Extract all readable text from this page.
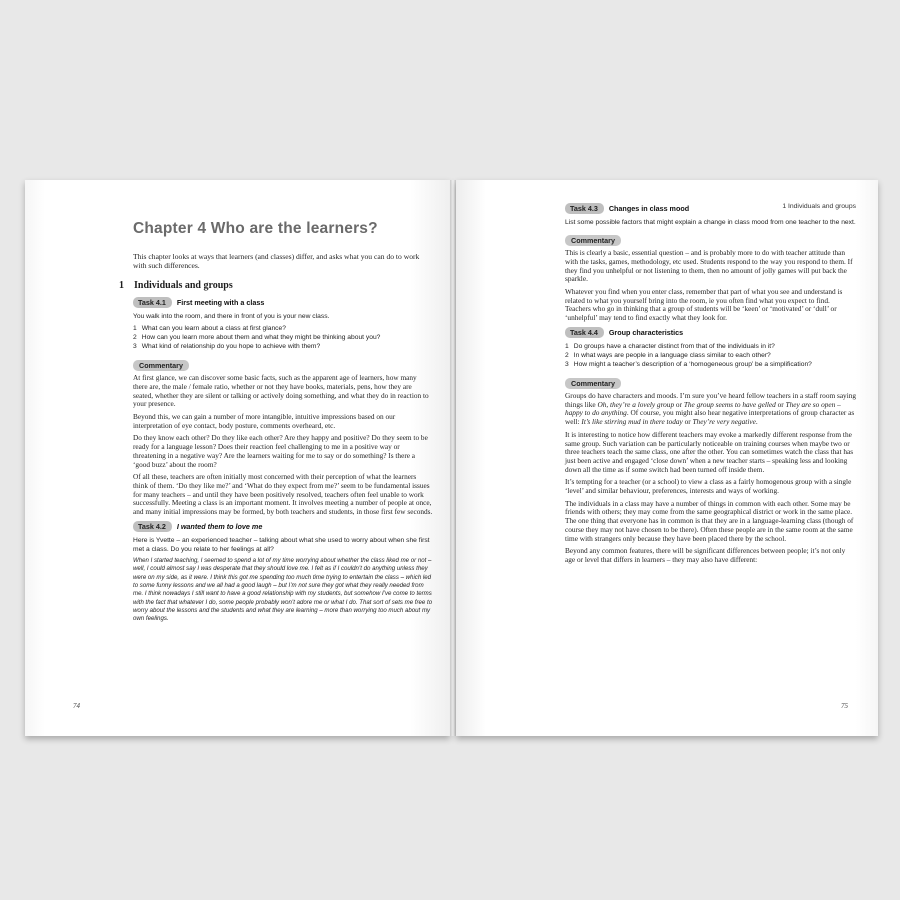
Chapter 4 Who are the learners?

This chapter looks at ways that learners (and classes) differ, and asks what you can do to work with such differences.

1 Individuals and groups
Task 4.1	First meeting with a class

You walk into the room, and there in front of you is your new class.

1 What can you learn about a class at first glance?
2 How can you learn more about them and what they might be thinking about you?
3 What kind of relationship do you hope to achieve with them?
Commentary

At first glance, we can discover some basic facts, such as the apparent age of learners, how many there are, the male / female ratio, whether or not they have books, materials, pens, how they are seated, whether they are silent or talking or actively doing something, and what they do in reaction to your presence.

Beyond this, we can gain a number of more intangible, intuitive impressions based on our interpretation of eye contact, body posture, comments overheard, etc.

Do they know each other? Do they like each other? Are they happy and positive? Do they seem to be ready for a language lesson? Does their reaction feel challenging to me in a positive way or threatening in a negative way? Are the learners waiting for me to say or do something? Is there a ‘good buzz’ about the room?

Of all these, teachers are often initially most concerned with their perception of what the learners think of them. ‘Do they like me?’ and ‘What do they expect from me?’ seem to be fundamental issues for many teachers – and until they have been positively resolved, teachers often feel unable to work successfully. Meeting a class is an important moment. It involves meeting a number of people at once, and many initial impressions may be formed, by both teachers and students, in those first few seconds.

Task 4.2	I wanted them to love me

Here is Yvette – an experienced teacher – talking about what she used to worry about when she first met a class. Do you relate to her feelings at all?

When I started teaching, I seemed to spend a lot of my time worrying about whether the class liked me or not – well, I could almost say I was desperate that they should love me. I felt as if I couldn’t do anything unless they were on my side, as it were. I think this got me spending too much time trying to entertain the class – which led to some funny lessons and we all had a good laugh – but I’m not sure they got what they really needed from me. I think nowadays I still want to have a good relationship with my students, but somehow I’ve come to terms with the fact that whatever I do, some people probably won’t adore me or what I do. That sort of sets me free to worry about the lessons and the students and what they are learning – more than worrying too much about my own feelings.

74
1 Individuals and groups
Task 4.3	Changes in class mood

List some possible factors that might explain a change in class mood from one teacher to the next.

Commentary

This is clearly a basic, essential question – and is probably more to do with teacher attitude than with the tasks, games, methodology, etc used. Students respond to the way you respond to them. If they find you unhelpful or not listening to them, then no amount of jolly games will put back the sparkle.

Whatever you find when you enter class, remember that part of what you see and understand is related to what you yourself bring into the room, ie you often find what you expect to find. Teachers who go in thinking that a group of students will be ‘keen’ or ‘motivated’ or ‘dull’ or ‘unhelpful’ may tend to find exactly what they look for.

Task 4.4	Group characteristics
1 Do groups have a character distinct from that of the individuals in it?
2 In what ways are people in a language class similar to each other?
3 How might a teacher’s description of a ‘homogeneous group’ be a simplification?
Commentary

Groups do have characters and moods. I’m sure you’ve heard fellow teachers in a staff room saying things like Oh, they’re a lovely group or The group seems to have gelled or They are so open – happy to do anything. Of course, you might also hear negative interpretations of group character as well: It’s like stirring mud in there today or They’re very negative.

It is interesting to notice how different teachers may evoke a markedly different response from the same group. Such variation can be particularly noticeable on training courses when maybe two or three teachers teach the same class, one after the other. You can sometimes watch the class that has just been active and engaged ‘close down’ when a new teacher starts – speaking less and looking down all the time as if some switch had been turned off inside them.

It’s tempting for a teacher (or a school) to view a class as a fairly homogenous group with a single ‘level’ and similar behaviour, preferences, interests and ways of working.

The individuals in a class may have a number of things in common with each other. Some may be friends with others; they may come from the same geographical district or work in the same place. The one thing that everyone has in common is that they are in a language-learning class (though of course they may not have chosen to be there). Often these people are in the same room at the same time with strangers only because they have been placed there by the school.

Beyond any common features, there will be significant differences between people; it’s not only age or level that differs in learners – they may also have different:

75
